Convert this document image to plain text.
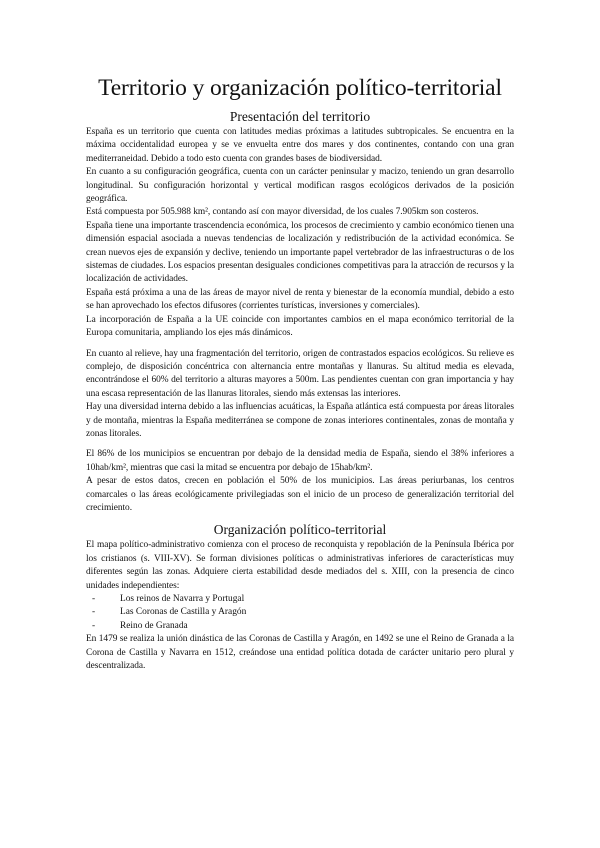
Territorio y organización político-territorial
Presentación del territorio

España es un territorio que cuenta con latitudes medias próximas a latitudes subtropicales. Se encuentra en la máxima occidentalidad europea y se ve envuelta entre dos mares y dos continentes, contando con una gran mediterraneidad. Debido a todo esto cuenta con grandes bases de biodiversidad.

En cuanto a su configuración geográfica, cuenta con un carácter peninsular y macizo, teniendo un gran desarrollo longitudinal. Su configuración horizontal y vertical modifican rasgos ecológicos derivados de la posición geográfica.

Está compuesta por 505.988 km², contando así con mayor diversidad, de los cuales 7.905km son costeros.

España tiene una importante trascendencia económica, los procesos de crecimiento y cambio económico tienen una dimensión espacial asociada a nuevas tendencias de localización y redistribución de la actividad económica. Se crean nuevos ejes de expansión y declive, teniendo un importante papel vertebrador de las infraestructuras o de los sistemas de ciudades. Los espacios presentan desiguales condiciones competitivas para la atracción de recursos y la localización de actividades.

España está próxima a una de las áreas de mayor nivel de renta y bienestar de la economía mundial, debido a esto se han aprovechado los efectos difusores (corrientes turísticas, inversiones y comerciales).

La incorporación de España a la UE coincide con importantes cambios en el mapa económico territorial de la Europa comunitaria, ampliando los ejes más dinámicos.

En cuanto al relieve, hay una fragmentación del territorio, origen de contrastados espacios ecológicos. Su relieve es complejo, de disposición concéntrica con alternancia entre montañas y llanuras. Su altitud media es elevada, encontrándose el 60% del territorio a alturas mayores a 500m. Las pendientes cuentan con gran importancia y hay una escasa representación de las llanuras litorales, siendo más extensas las interiores.

Hay una diversidad interna debido a las influencias acuáticas, la España atlántica está compuesta por áreas litorales y de montaña, mientras la España mediterránea se compone de zonas interiores continentales, zonas de montaña y zonas litorales.

El 86% de los municipios se encuentran por debajo de la densidad media de España, siendo el 38% inferiores a 10hab/km², mientras que casi la mitad se encuentra por debajo de 15hab/km².

A pesar de estos datos, crecen en población el 50% de los municipios. Las áreas periurbanas, los centros comarcales o las áreas ecológicamente privilegiadas son el inicio de un proceso de generalización territorial del crecimiento.

Organización político-territorial

El mapa político-administrativo comienza con el proceso de reconquista y repoblación de la Península Ibérica por los cristianos (s. VIII-XV). Se forman divisiones políticas o administrativas inferiores de características muy diferentes según las zonas. Adquiere cierta estabilidad desde mediados del s. XIII, con la presencia de cinco unidades independientes:

-	Los reinos de Navarra y Portugal
-	Las Coronas de Castilla y Aragón
-	Reino de Granada

En 1479 se realiza la unión dinástica de las Coronas de Castilla y Aragón, en 1492 se une el Reino de Granada a la Corona de Castilla y Navarra en 1512, creándose una entidad política dotada de carácter unitario pero plural y descentralizada.
